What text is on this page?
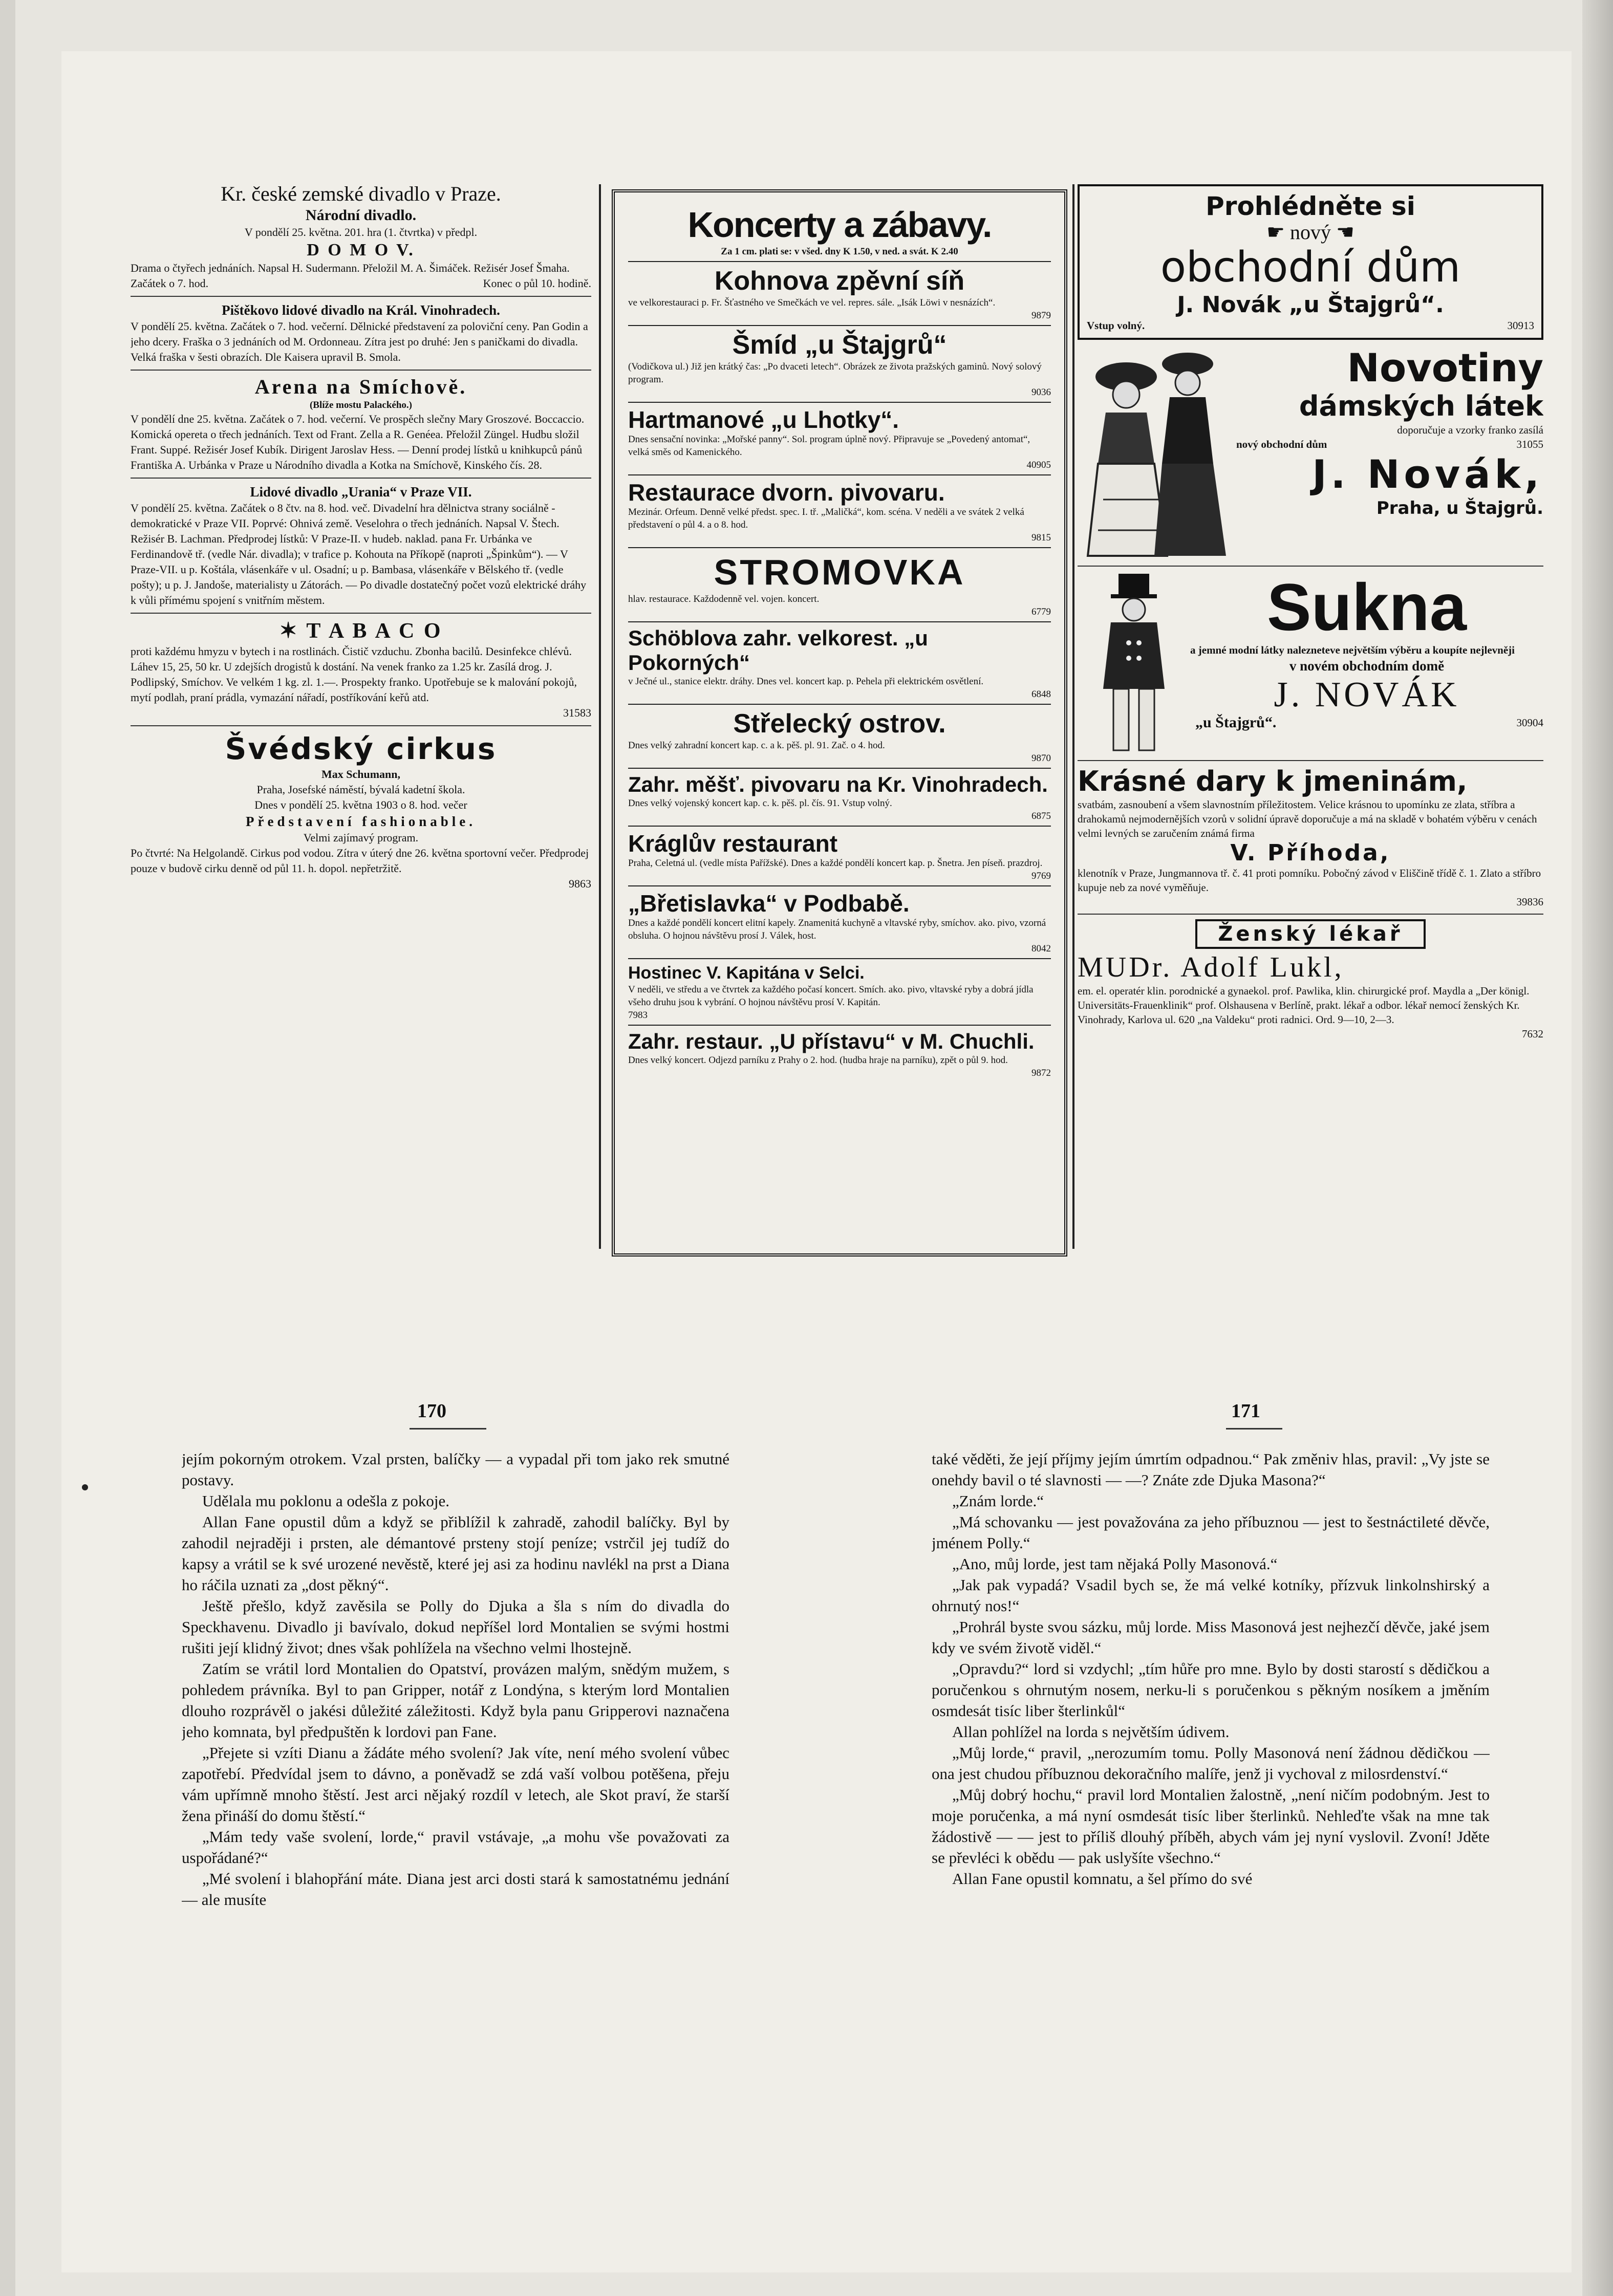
Kr. české zemské divadlo v Praze.

Národní divadlo.

V pondělí 25. května. 201. hra (1. čtvrtka) v předpl.

D O M O V.

Drama o čtyřech jednáních. Napsal H. Sudermann. Přeložil M. A. Šimáček. Režisér Josef Šmaha.

Začátek o 7. hod.	Konec o půl 10. hodině.

Pištěkovo lidové divadlo na Král. Vinohradech.

V pondělí 25. května. Začátek o 7. hod. večerní. Dělnické představení za poloviční ceny. Pan Godin a jeho dcery. Fraška o 3 jednáních od M. Ordonneau. Zítra jest po druhé: Jen s paničkami do divadla. Velká fraška v šesti obrazích. Dle Kaisera upravil B. Smola.

Arena na Smíchově.

(Blíže mostu Palackého.)

V pondělí dne 25. května. Začátek o 7. hod. večerní. Ve prospěch slečny Mary Groszové. Boccaccio. Komická opereta o třech jednáních. Text od Frant. Zella a R. Genéea. Přeložil Züngel. Hudbu složil Frant. Suppé. Režisér Josef Kubík. Dirigent Jaroslav Hess. — Denní prodej lístků u knihkupců pánů Františka A. Urbánka v Praze u Národního divadla a Kotka na Smíchově, Kinského čís. 28.

Lidové divadlo „Urania“ v Praze VII.

V pondělí 25. května. Začátek o 8 čtv. na 8. hod. več. Divadelní hra dělnictva strany sociálně - demokratické v Praze VII. Poprvé: Ohnivá země. Veselohra o třech jednáních. Napsal V. Štech. Režisér B. Lachman. Předprodej lístků: V Praze-II. v hudeb. naklad. pana Fr. Urbánka ve Ferdinandově tř. (vedle Nár. divadla); v trafice p. Kohouta na Příkopě (naproti „Špinkům“). — V Praze-VII. u p. Koštála, vlásenkáře v ul. Osadní; u p. Bambasa, vlásenkáře v Bělského tř. (vedle pošty); u p. J. Jandoše, materialisty u Zátorách. — Po divadle dostatečný počet vozů elektrické dráhy k vůli přímému spojení s vnitřním městem.

✶ T A B A C O

proti každému hmyzu v bytech i na rostlinách. Čistič vzduchu. Zbonha bacilů. Desinfekce chlévů. Láhev 15, 25, 50 kr. U zdejších drogistů k dostání. Na venek franko za 1.25 kr. Zasílá drog. J. Podlipský, Smíchov. Ve velkém 1 kg. zl. 1.—. Prospekty franko. Upotřebuje se k malování pokojů, mytí podlah, praní prádla, vymazání nářadí, postříkování keřů atd.

31583

Švédský cirkus

Max Schumann,

Praha, Josefské náměstí, bývalá kadetní škola.

Dnes v pondělí 25. května 1903 o 8. hod. večer

Představení fashionable.

Velmi zajímavý program.

Po čtvrté: Na Helgolandě. Cirkus pod vodou. Zítra v úterý dne 26. května sportovní večer. Předprodej pouze v budově cirku denně od půl 11. h. dopol. nepřetržitě.

9863

Koncerty a zábavy.

Za 1 cm. plati se: v všed. dny K 1.50, v ned. a svát. K 2.40

Kohnova zpěvní síň

ve velkorestauraci p. Fr. Šťastného ve Smečkách ve vel. repres. sále. „Isák Löwi v nesnázích“.

9879

Šmíd „u Štajgrů“

(Vodičkova ul.) Již jen krátký čas: „Po dvaceti letech“. Obrázek ze života pražských gaminů. Nový solový program.

9036

Hartmanové „u Lhotky“.

Dnes sensační novinka: „Mořské panny“. Sol. program úplně nový. Připravuje se „Povedený antomat“, velká směs od Kamenického.

40905

Restaurace dvorn. pivovaru.

Mezinár. Orfeum. Denně velké předst. spec. I. tř. „Maličká“, kom. scéna. V neděli a ve svátek 2 velká představení o půl 4. a o 8. hod.

9815

STROMOVKA

hlav. restaurace. Každodenně vel. vojen. koncert.

6779

Schöblova zahr. velkorest. „u Pokorných“

v Ječné ul., stanice elektr. dráhy. Dnes vel. koncert kap. p. Pehela při elektrickém osvětlení.

6848

Střelecký ostrov.

Dnes velký zahradní koncert kap. c. a k. pěš. pl. 91. Zač. o 4. hod.

9870

Zahr. měšť. pivovaru na Kr. Vinohradech.

Dnes velký vojenský koncert kap. c. k. pěš. pl. čís. 91. Vstup volný.

6875

Kráglův restaurant

Praha, Celetná ul. (vedle místa Pařížské). Dnes a každé pondělí koncert kap. p. Šnetra. Jen píseň. prazdroj.

9769

„Břetislavka“ v Podbabě.

Dnes a každé pondělí koncert elitní kapely. Znamenitá kuchyně a vltavské ryby, smíchov. ako. pivo, vzorná obsluha. O hojnou návštěvu prosí J. Válek, host.

8042

Hostinec V. Kapitána v Selci.

V neděli, ve středu a ve čtvrtek za každého počasí koncert. Smích. ako. pivo, vltavské ryby a dobrá jídla všeho druhu jsou k vybrání. O hojnou návštěvu prosí V. Kapitán.

7983

Zahr. restaur. „U přístavu“ v M. Chuchli.

Dnes velký koncert. Odjezd parníku z Prahy o 2. hod. (hudba hraje na parníku), zpět o půl 9. hod.

9872

Prohlédněte si

☛ nový ☚

obchodní dům

J. Novák „u Štajgrů“.

Vstup volný.	30913

Novotiny

dámských látek

doporučuje a vzorky franko zasílá

nový obchodní dům	31055

J. Novák,

Praha, u Štajgrů.

Sukna

a jemné modní látky nalezneteve největším výběru a koupíte nejlevněji

v novém obchodním domě

J. NOVÁK

„u Štajgrů“.	30904

Krásné dary k jmeninám,

svatbám, zasnoubení a všem slavnostním příležitostem. Velice krásnou to upomínku ze zlata, stříbra a drahokamů nejmodernějších vzorů v solidní úpravě doporučuje a má na skladě v bohatém výběru v cenách velmi levných se zaručením známá firma

V. Příhoda,

klenotník v Praze, Jungmannova tř. č. 41 proti pomníku. Pobočný závod v Eliščině třídě č. 1. Zlato a stříbro kupuje neb za nové vyměňuje.

39836

Ženský lékař

MUDr. Adolf Lukl,

em. el. operatér klin. porodnické a gynaekol. prof. Pawlika, klin. chirurgické prof. Maydla a „Der königl. Universitäts-Frauenklinik“ prof. Olshausena v Berlíně, prakt. lékař a odbor. lékař nemocí ženských Kr. Vinohrady, Karlova ul. 620 „na Valdeku“ proti radnici. Ord. 9—10, 2—3.

7632

170	171

jejím pokorným otrokem. Vzal prsten, balíčky — a vypadal při tom jako rek smutné postavy.

Udělala mu poklonu a odešla z pokoje.

Allan Fane opustil dům a když se přiblížil k zahradě, zahodil balíčky. Byl by zahodil nejraději i prsten, ale démantové prsteny stojí peníze; vstrčil jej tudíž do kapsy a vrátil se k své urozené nevěstě, které jej asi za hodinu navlékl na prst a Diana ho ráčila uznati za „dost pěkný“.

Ještě přešlo, když zavěsila se Polly do Djuka a šla s ním do divadla do Speckhavenu. Divadlo ji bavívalo, dokud nepříšel lord Montalien se svými hostmi rušiti její klidný život; dnes však pohlížela na všechno velmi lhostejně.

Zatím se vrátil lord Montalien do Opatství, provázen malým, snědým mužem, s pohledem právníka. Byl to pan Gripper, notář z Londýna, s kterým lord Montalien dlouho rozprávěl o jakési důležité záležitosti. Když byla panu Gripperovi naznačena jeho komnata, byl předpuštěn k lordovi pan Fane.

„Přejete si vzíti Dianu a žádáte mého svolení? Jak víte, není mého svolení vůbec zapotřebí. Předvídal jsem to dávno, a poněvadž se zdá vaší volbou potěšena, přeju vám upřímně mnoho štěstí. Jest arci nějaký rozdíl v letech, ale Skot praví, že starší žena přináší do domu štěstí.“

„Mám tedy vaše svolení, lorde,“ pravil vstávaje, „a mohu vše považovati za uspořádané?“

„Mé svolení i blahopřání máte. Diana jest arci dosti stará k samostatnému jednání — ale musíte

také věděti, že její příjmy jejím úmrtím odpadnou.“ Pak změniv hlas, pravil: „Vy jste se onehdy bavil o té slavnosti — —? Znáte zde Djuka Masona?“

„Znám lorde.“

„Má schovanku — jest považována za jeho příbuznou — jest to šestnáctileté děvče, jménem Polly.“

„Ano, můj lorde, jest tam nějaká Polly Masonová.“

„Jak pak vypadá? Vsadil bych se, že má velké kotníky, přízvuk linkolnshirský a ohrnutý nos!“

„Prohrál byste svou sázku, můj lorde. Miss Masonová jest nejhezčí děvče, jaké jsem kdy ve svém životě viděl.“

„Opravdu?“ lord si vzdychl; „tím hůře pro mne. Bylo by dosti starostí s dědičkou a poručenkou s ohrnutým nosem, nerku-li s poručenkou s pěkným nosíkem a jměním osmdesát tisíc liber šterlinkůl“

Allan pohlížel na lorda s největším údivem.

„Můj lorde,“ pravil, „nerozumím tomu. Polly Masonová není žádnou dědičkou — ona jest chudou příbuznou dekoračního malíře, jenž ji vychoval z milosrdenství.“

„Můj dobrý hochu,“ pravil lord Montalien žalostně, „není ničím podobným. Jest to moje poručenka, a má nyní osmdesát tisíc liber šterlinků. Nehleďte však na mne tak žádostivě — — jest to příliš dlouhý příběh, abych vám jej nyní vyslovil. Zvoní! Jděte se převléci k obědu — pak uslyšíte všechno.“

Allan Fane opustil komnatu, a šel přímo do své
